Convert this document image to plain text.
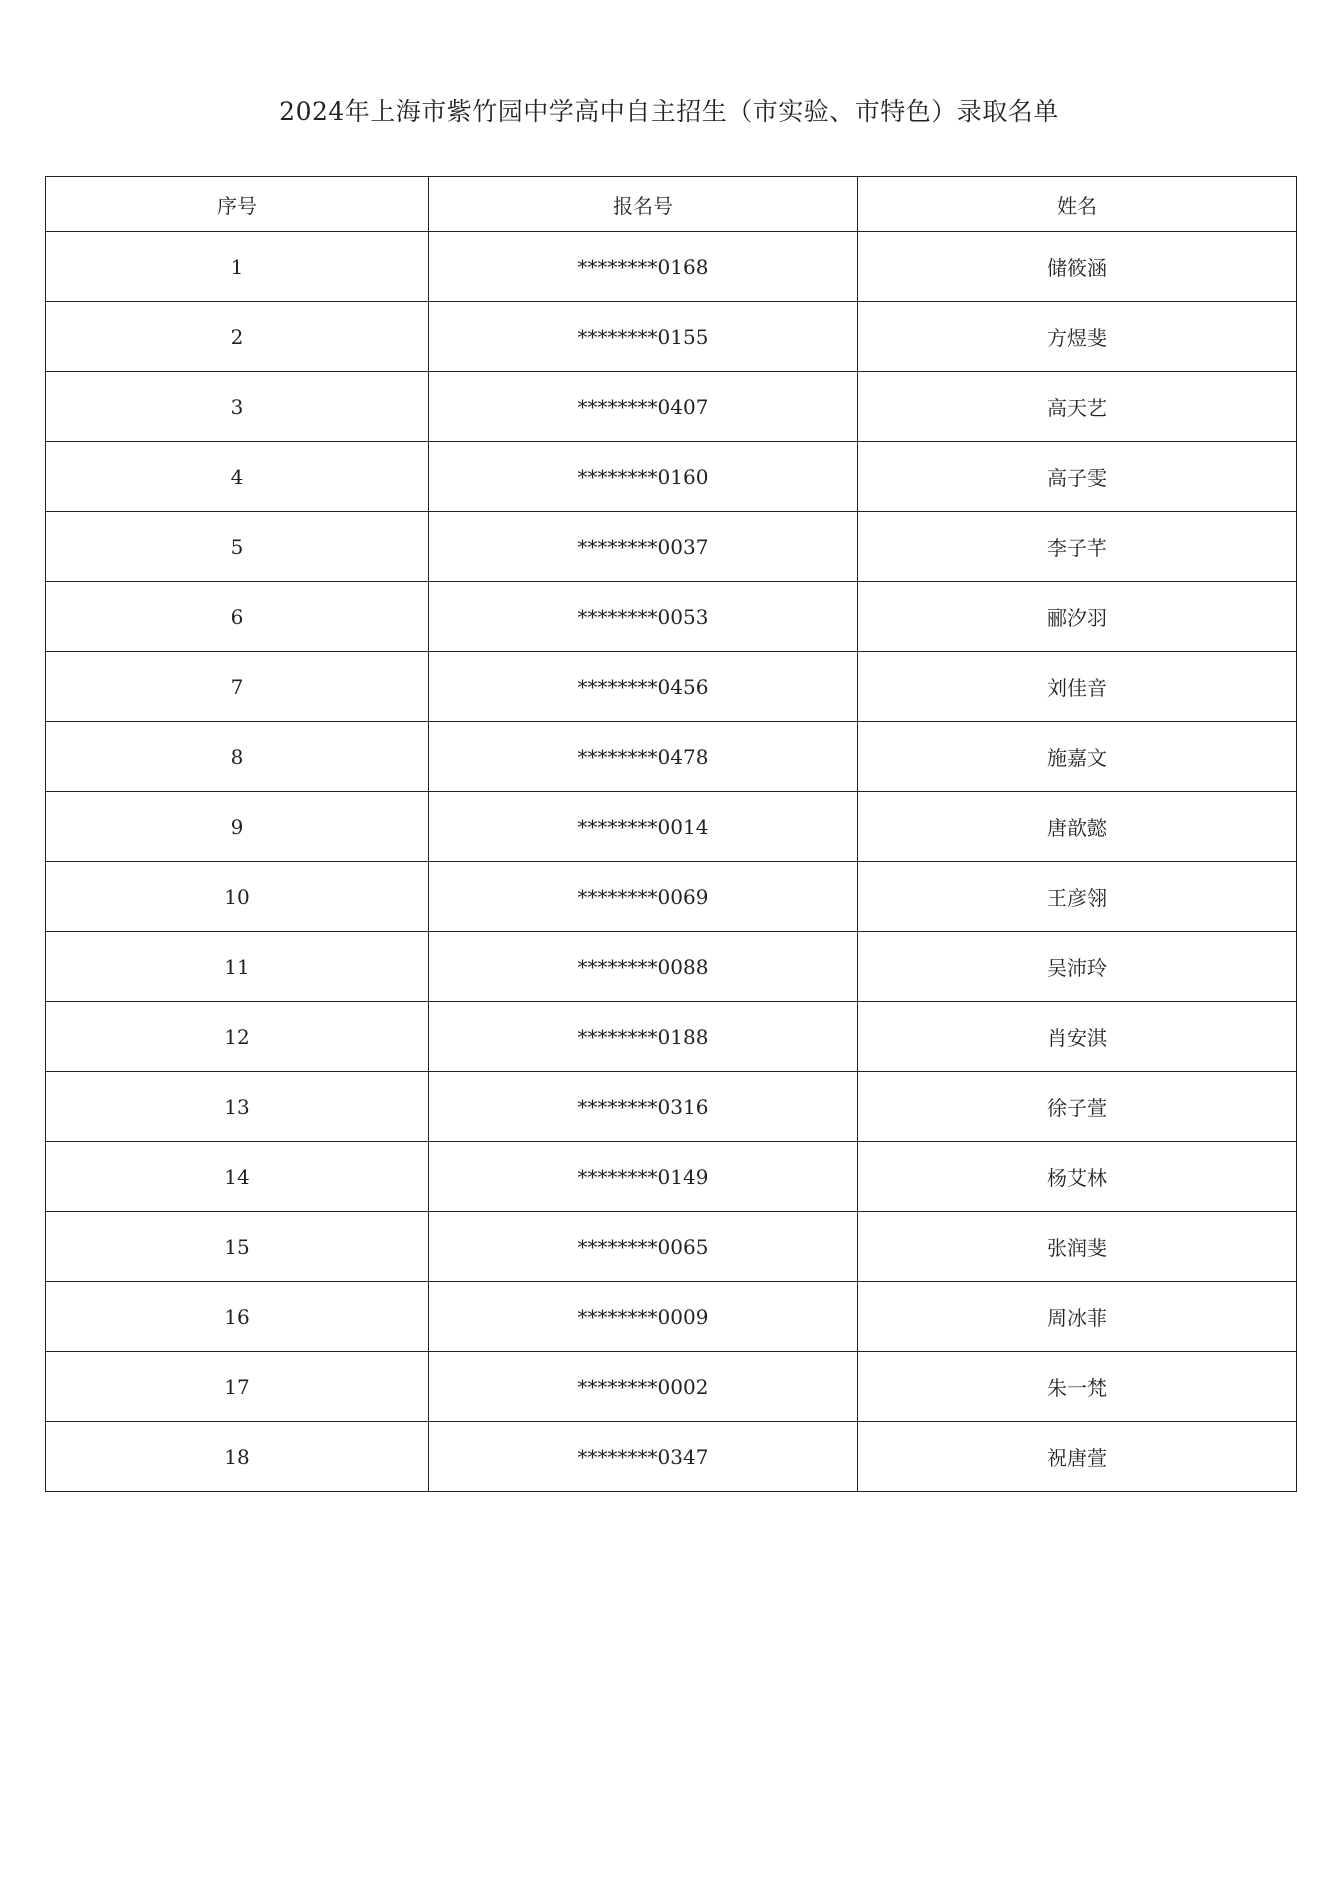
2024年上海市紫竹园中学高中自主招生（市实验、市特色）录取名单
序号	报名号	姓名
1	********0168	储筱涵
2	********0155	方煜斐
3	********0407	高天艺
4	********0160	高子雯
5	********0037	李子芊
6	********0053	郦汐羽
7	********0456	刘佳音
8	********0478	施嘉文
9	********0014	唐歆懿
10	********0069	王彦翎
11	********0088	吴沛玲
12	********0188	肖安淇
13	********0316	徐子萱
14	********0149	杨艾林
15	********0065	张润斐
16	********0009	周冰菲
17	********0002	朱一梵
18	********0347	祝唐萱
